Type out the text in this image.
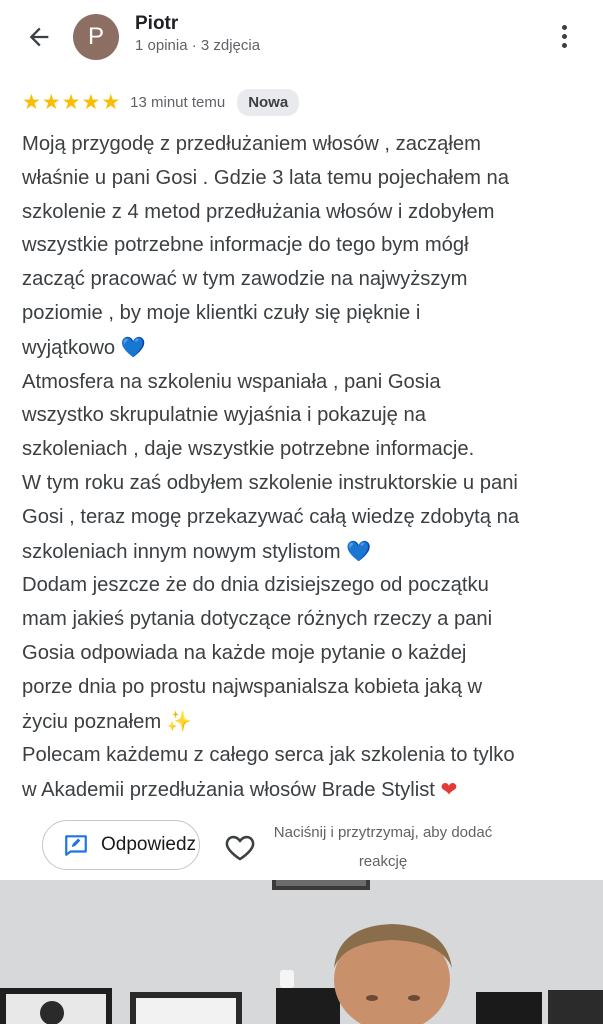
P	Piotr
1 opinia · 3 zdjęcia
★ ★ ★ ★ ★ 13 minut temu	Nowa

Moją przygodę z przedłużaniem włosów , zacząłem

właśnie u pani Gosi . Gdzie 3 lata temu pojechałem na

szkolenie z 4 metod przedłużania włosów i zdobyłem

wszystkie potrzebne informacje do tego bym mógł

zacząć pracować w tym zawodzie na najwyższym

poziomie , by moje klientki czuły się pięknie i

wyjątkowo 💙

Atmosfera na szkoleniu wspaniała , pani Gosia

wszystko skrupulatnie wyjaśnia i pokazuję na

szkoleniach , daje wszystkie potrzebne informacje.

W tym roku zaś odbyłem szkolenie instruktorskie u pani

Gosi , teraz mogę przekazywać całą wiedzę zdobytą na

szkoleniach innym nowym stylistom 💙

Dodam jeszcze że do dnia dzisiejszego od początku

mam jakieś pytania dotyczące różnych rzeczy a pani

Gosia odpowiada na każde moje pytanie o każdej

porze dnia po prostu najwspanialsza kobieta jaką w

życiu poznałem ✨

Polecam każdemu z całego serca jak szkolenia to tylko

w Akademii przedłużania włosów Brade Stylist ❤

Odpowiedz
Naciśnij i przytrzymaj, aby dodać
reakcję
